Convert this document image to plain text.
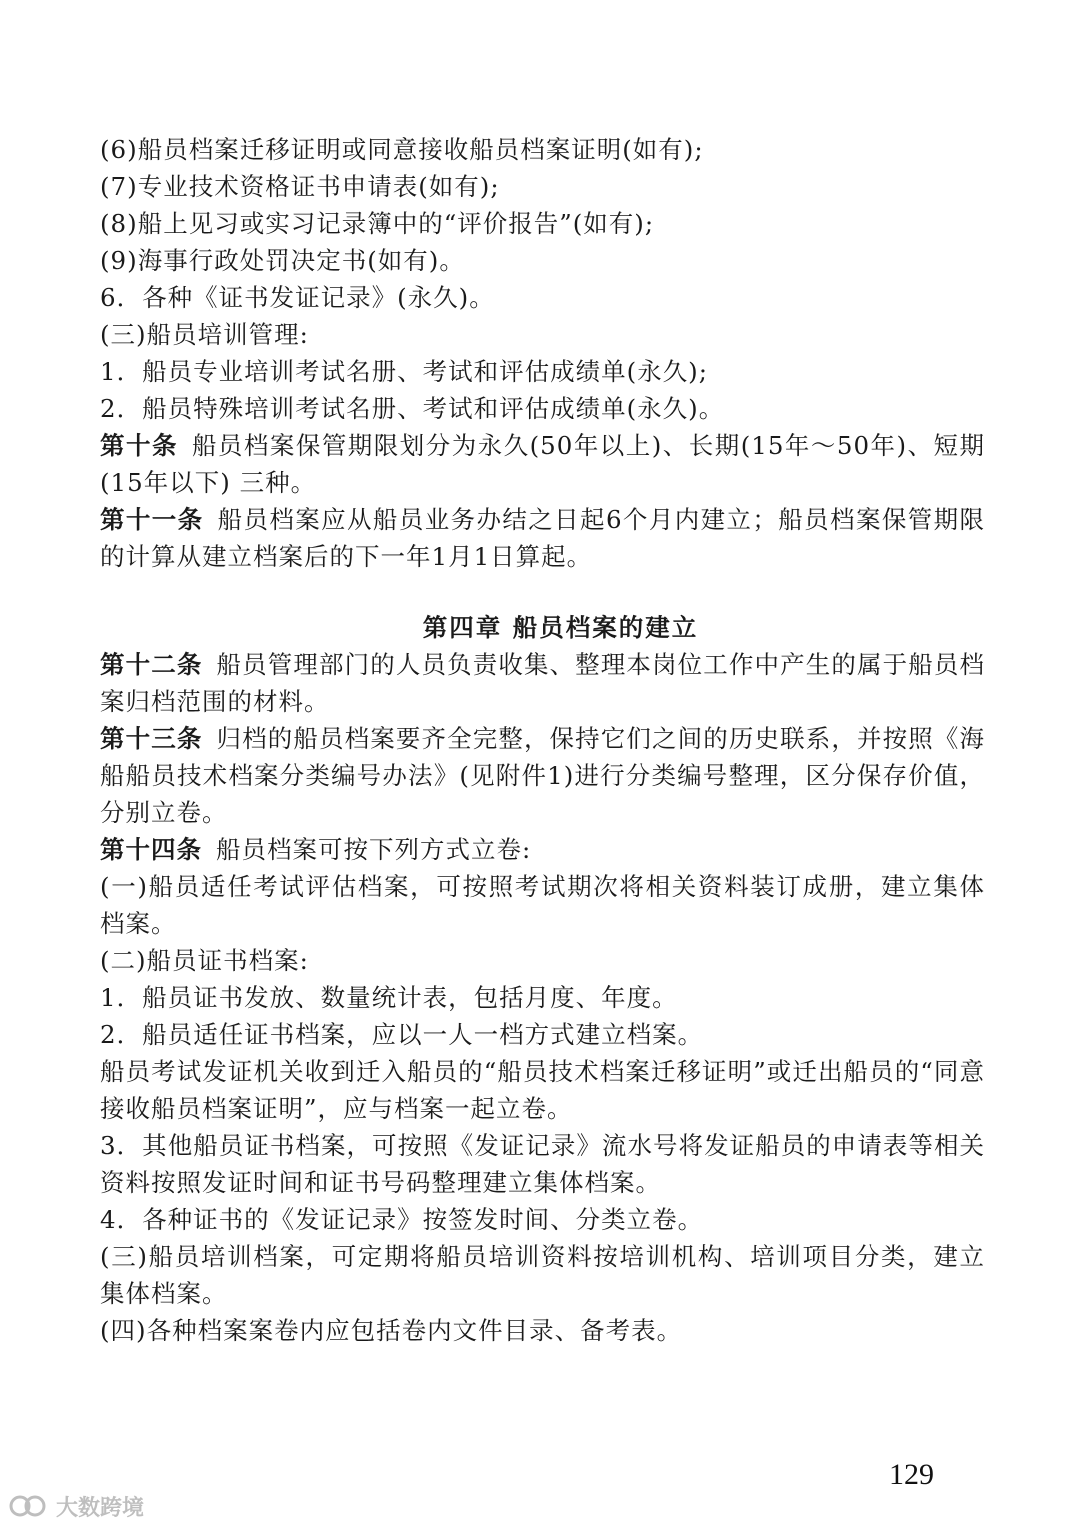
(6)船员档案迁移证明或同意接收船员档案证明(如有);

(7)专业技术资格证书申请表(如有);

(8)船上见习或实习记录簿中的“评价报告”(如有);

(9)海事行政处罚决定书(如有)。

6．各种《证书发证记录》(永久)。

(三)船员培训管理:

1．船员专业培训考试名册、考试和评估成绩单(永久);

2．船员特殊培训考试名册、考试和评估成绩单(永久)。

第十条 船员档案保管期限划分为永久(50年以上)、长期(15年～50年)、短期(15年以下) 三种。

第十一条 船员档案应从船员业务办结之日起6个月内建立；船员档案保管期限的计算从建立档案后的下一年1月1日算起。

第四章 船员档案的建立

第十二条 船员管理部门的人员负责收集、整理本岗位工作中产生的属于船员档案归档范围的材料。

第十三条 归档的船员档案要齐全完整，保持它们之间的历史联系，并按照《海船船员技术档案分类编号办法》(见附件1)进行分类编号整理，区分保存价值，分别立卷。

第十四条 船员档案可按下列方式立卷:

(一)船员适任考试评估档案，可按照考试期次将相关资料装订成册，建立集体档案。

(二)船员证书档案:

1．船员证书发放、数量统计表，包括月度、年度。

2．船员适任证书档案，应以一人一档方式建立档案。

船员考试发证机关收到迁入船员的“船员技术档案迁移证明”或迁出船员的“同意接收船员档案证明”，应与档案一起立卷。

3．其他船员证书档案，可按照《发证记录》流水号将发证船员的申请表等相关资料按照发证时间和证书号码整理建立集体档案。

4．各种证书的《发证记录》按签发时间、分类立卷。

(三)船员培训档案，可定期将船员培训资料按培训机构、培训项目分类，建立集体档案。

(四)各种档案案卷内应包括卷内文件目录、备考表。

129
大数跨境
